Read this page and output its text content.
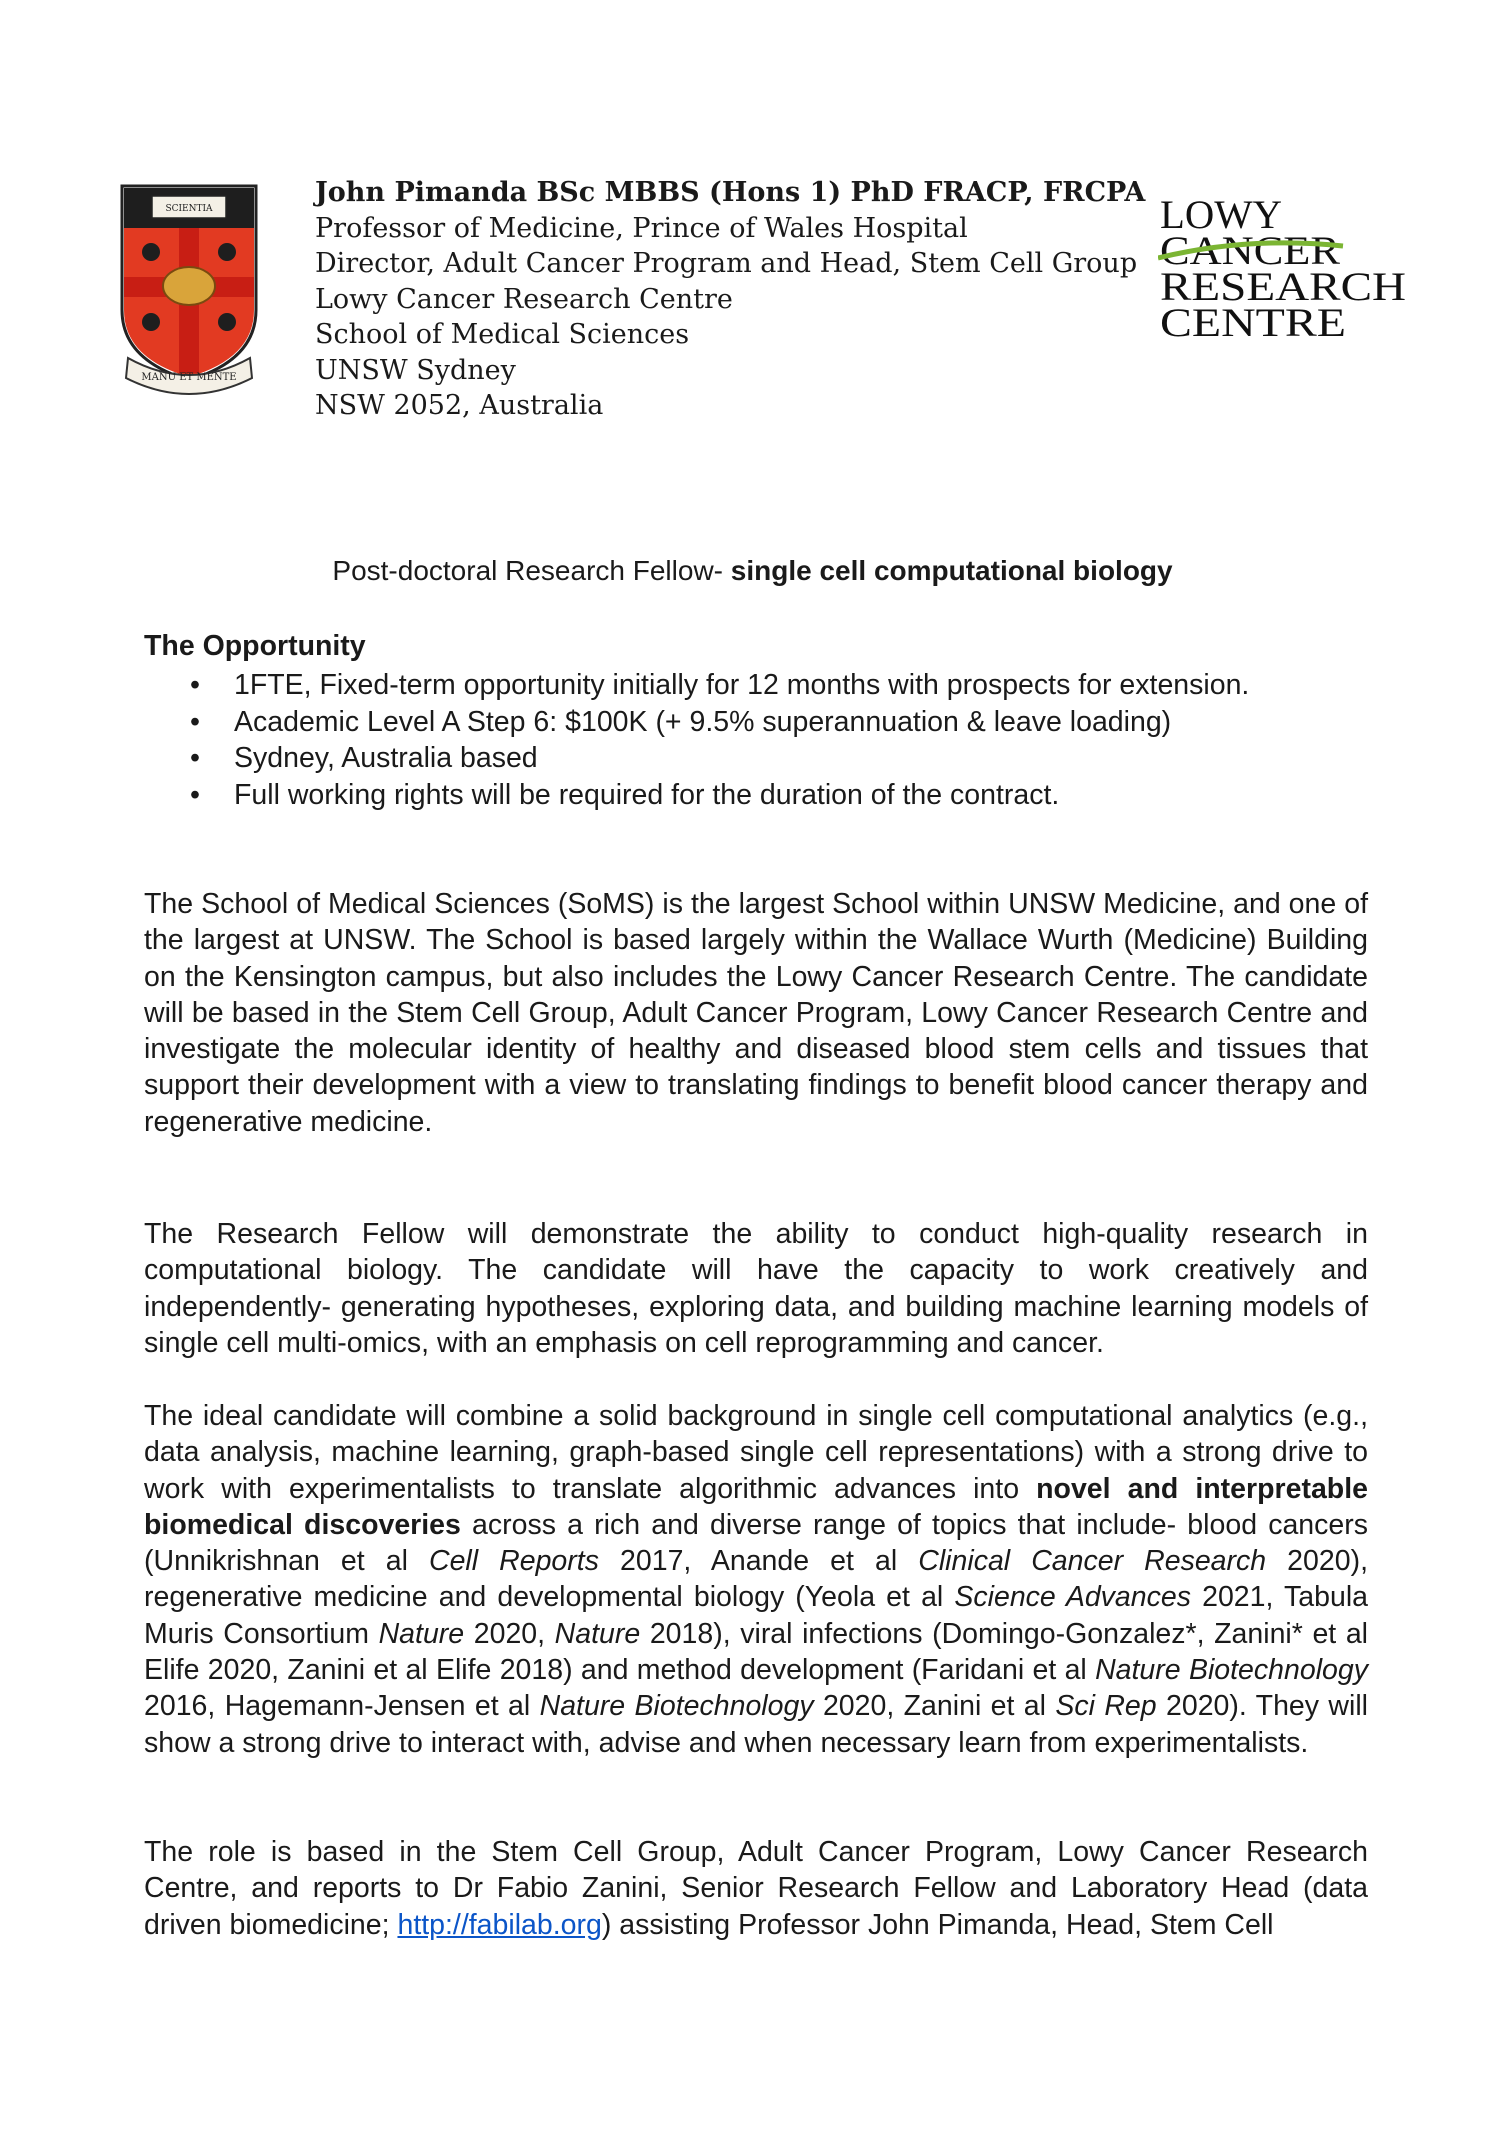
SCIENTIA
MANU ET MENTE
John Pimanda BSc MBBS (Hons 1) PhD FRACP, FRCPA
Professor of Medicine, Prince of Wales Hospital
Director, Adult Cancer Program and Head, Stem Cell Group
Lowy Cancer Research Centre
School of Medical Sciences
UNSW Sydney
NSW 2052, Australia
LOWY
CANCER
RESEARCH
CENTRE
Post-doctoral Research Fellow- single cell computational biology
The Opportunity
• 1FTE, Fixed-term opportunity initially for 12 months with prospects for extension.
• Academic Level A Step 6: $100K (+ 9.5% superannuation & leave loading)
• Sydney, Australia based
• Full working rights will be required for the duration of the contract.

The School of Medical Sciences (SoMS) is the largest School within UNSW Medicine, and one of the largest at UNSW. The School is based largely within the Wallace Wurth (Medicine) Building on the Kensington campus, but also includes the Lowy Cancer Research Centre. The candidate will be based in the Stem Cell Group, Adult Cancer Program, Lowy Cancer Research Centre and investigate the molecular identity of healthy and diseased blood stem cells and tissues that support their development with a view to translating findings to benefit blood cancer therapy and regenerative medicine.

The Research Fellow will demonstrate the ability to conduct high-quality research in computational biology. The candidate will have the capacity to work creatively and independently- generating hypotheses, exploring data, and building machine learning models of single cell multi-omics, with an emphasis on cell reprogramming and cancer.

The ideal candidate will combine a solid background in single cell computational analytics (e.g., data analysis, machine learning, graph-based single cell representations) with a strong drive to work with experimentalists to translate algorithmic advances into novel and interpretable biomedical discoveries across a rich and diverse range of topics that include- blood cancers (Unnikrishnan et al Cell Reports 2017, Anande et al Clinical Cancer Research 2020), regenerative medicine and developmental biology (Yeola et al Science Advances 2021, Tabula Muris Consortium Nature 2020, Nature 2018), viral infections (Domingo-Gonzalez*, Zanini* et al Elife 2020, Zanini et al Elife 2018) and method development (Faridani et al Nature Biotechnology 2016, Hagemann-Jensen et al Nature Biotechnology 2020, Zanini et al Sci Rep 2020). They will show a strong drive to interact with, advise and when necessary learn from experimentalists.

The role is based in the Stem Cell Group, Adult Cancer Program, Lowy Cancer Research Centre, and reports to Dr Fabio Zanini, Senior Research Fellow and Laboratory Head (data driven biomedicine; http://fabilab.org) assisting Professor John Pimanda, Head, Stem Cell
